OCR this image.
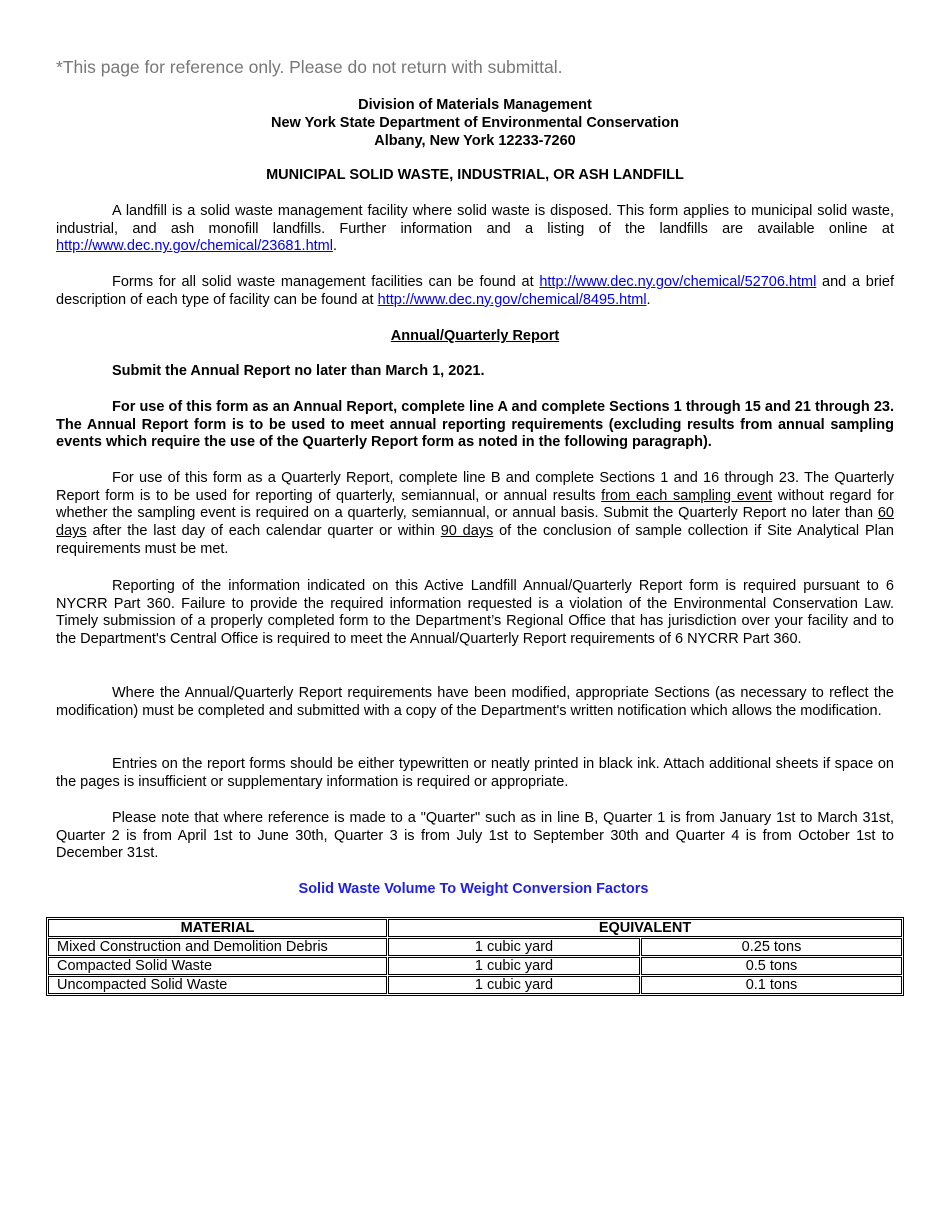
*This page for reference only. Please do not return with submittal.
Division of Materials Management
New York State Department of Environmental Conservation
Albany, New York 12233-7260
MUNICIPAL SOLID WASTE, INDUSTRIAL, OR ASH LANDFILL

A landfill is a solid waste management facility where solid waste is disposed. This form applies to municipal solid waste, industrial, and ash monofill landfills. Further information and a listing of the landfills are available online at http://www.dec.ny.gov/chemical/23681.html.

Forms for all solid waste management facilities can be found at http://www.dec.ny.gov/chemical/52706.html and a brief description of each type of facility can be found at http://www.dec.ny.gov/chemical/8495.html.

Annual/Quarterly Report

Submit the Annual Report no later than March 1, 2021.

For use of this form as an Annual Report, complete line A and complete Sections 1 through 15 and 21 through 23. The Annual Report form is to be used to meet annual reporting requirements (excluding results from annual sampling events which require the use of the Quarterly Report form as noted in the following paragraph).

For use of this form as a Quarterly Report, complete line B and complete Sections 1 and 16 through 23. The Quarterly Report form is to be used for reporting of quarterly, semiannual, or annual results from each sampling event without regard for whether the sampling event is required on a quarterly, semiannual, or annual basis. Submit the Quarterly Report no later than 60 days after the last day of each calendar quarter or within 90 days of the conclusion of sample collection if Site Analytical Plan requirements must be met.

Reporting of the information indicated on this Active Landfill Annual/Quarterly Report form is required pursuant to 6 NYCRR Part 360. Failure to provide the required information requested is a violation of the Environmental Conservation Law. Timely submission of a properly completed form to the Department’s Regional Office that has jurisdiction over your facility and to the Department's Central Office is required to meet the Annual/Quarterly Report requirements of 6 NYCRR Part 360.

Where the Annual/Quarterly Report requirements have been modified, appropriate Sections (as necessary to reflect the modification) must be completed and submitted with a copy of the Department's written notification which allows the modification.

Entries on the report forms should be either typewritten or neatly printed in black ink. Attach additional sheets if space on the pages is insufficient or supplementary information is required or appropriate.

Please note that where reference is made to a "Quarter" such as in line B, Quarter 1 is from January 1st to March 31st, Quarter 2 is from April 1st to June 30th, Quarter 3 is from July 1st to September 30th and Quarter 4 is from October 1st to December 31st.

Solid Waste Volume To Weight Conversion Factors
MATERIAL	EQUIVALENT	
Mixed Construction and Demolition Debris	1 cubic yard	0.25 tons
Compacted Solid Waste	1 cubic yard	0.5 tons
Uncompacted Solid Waste	1 cubic yard	0.1 tons
